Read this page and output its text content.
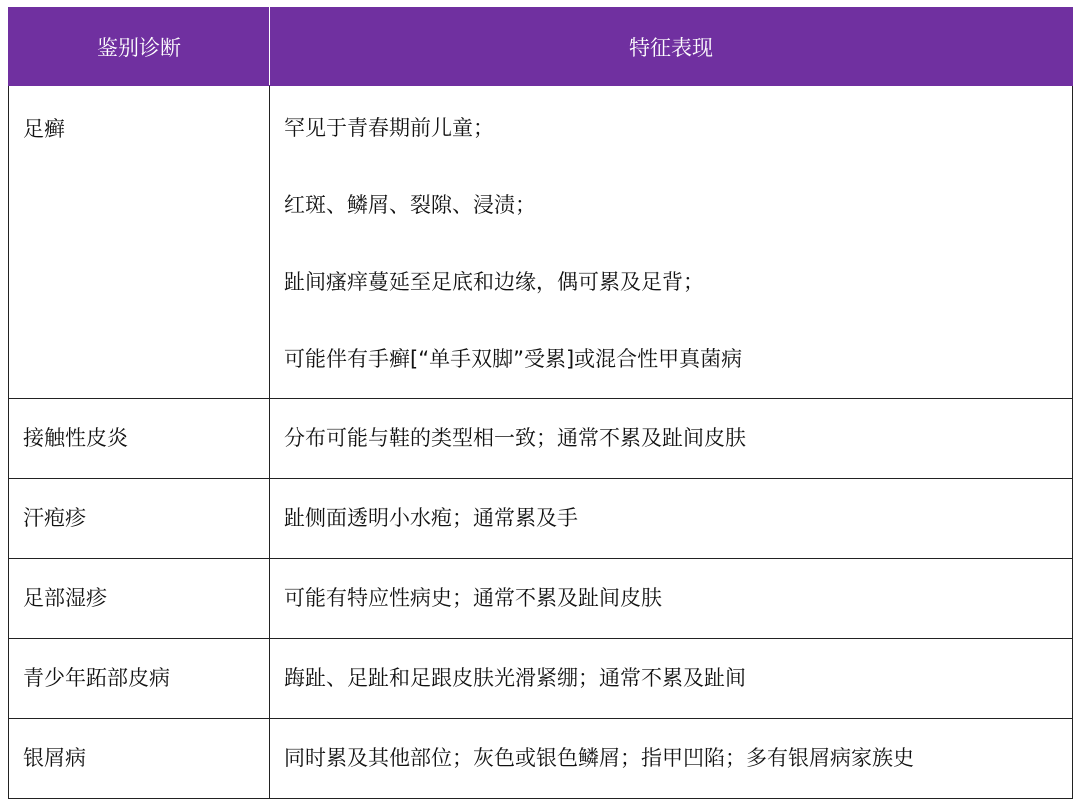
鉴别诊断	特征表现
足癣	罕见于青春期前儿童；
红斑、鳞屑、裂隙、浸渍；
趾间瘙痒蔓延至足底和边缘，偶可累及足背；
可能伴有手癣[“单手双脚”受累]或混合性甲真菌病

接触性皮炎	分布可能与鞋的类型相一致；通常不累及趾间皮肤
汗疱疹	趾侧面透明小水疱；通常累及手
足部湿疹	可能有特应性病史；通常不累及趾间皮肤
青少年跖部皮病	踇趾、足趾和足跟皮肤光滑紧绷；通常不累及趾间
银屑病	同时累及其他部位；灰色或银色鳞屑；指甲凹陷；多有银屑病家族史
